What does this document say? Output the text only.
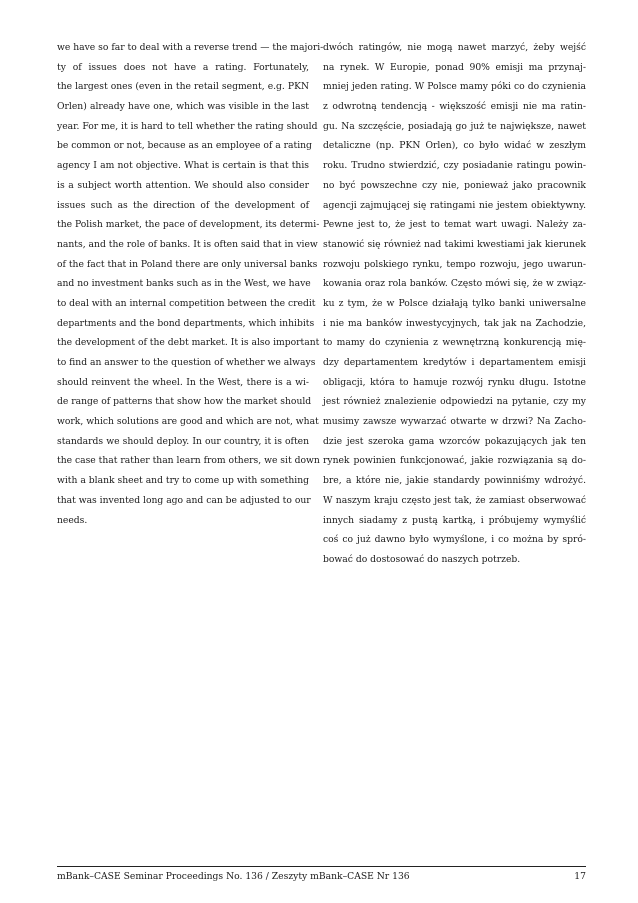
we have so far to deal with a reverse trend — the majori-
ty of issues does not have a rating. Fortunately,
the largest ones (even in the retail segment, e.g. PKN
Orlen) already have one, which was visible in the last
year. For me, it is hard to tell whether the rating should
be common or not, because as an employee of a rating
agency I am not objective. What is certain is that this
is a subject worth attention. We should also consider
issues such as the direction of the development of
the Polish market, the pace of development, its determi-
nants, and the role of banks. It is often said that in view
of the fact that in Poland there are only universal banks
and no investment banks such as in the West, we have
to deal with an internal competition between the credit
departments and the bond departments, which inhibits
the development of the debt market. It is also important
to find an answer to the question of whether we always
should reinvent the wheel. In the West, there is a wi-
de range of patterns that show how the market should
work, which solutions are good and which are not, what
standards we should deploy. In our country, it is often
the case that rather than learn from others, we sit down
with a blank sheet and try to come up with something
that was invented long ago and can be adjusted to our
needs.
dwóch ratingów, nie mogą nawet marzyć, żeby wejść
na rynek. W Europie, ponad 90% emisji ma przynaj-
mniej jeden rating. W Polsce mamy póki co do czynienia
z odwrotną tendencją - większość emisji nie ma ratin-
gu. Na szczęście, posiadają go już te największe, nawet
detaliczne (np. PKN Orlen), co było widać w zeszłym
roku. Trudno stwierdzić, czy posiadanie ratingu powin-
no być powszechne czy nie, ponieważ jako pracownik
agencji zajmującej się ratingami nie jestem obiektywny.
Pewne jest to, że jest to temat wart uwagi. Należy za-
stanowić się również nad takimi kwestiami jak kierunek
rozwoju polskiego rynku, tempo rozwoju, jego uwarun-
kowania oraz rola banków. Często mówi się, że w związ-
ku z tym, że w Polsce działają tylko banki uniwersalne
i nie ma banków inwestycyjnych, tak jak na Zachodzie,
to mamy do czynienia z wewnętrzną konkurencją mię-
dzy departamentem kredytów i departamentem emisji
obligacji, która to hamuje rozwój rynku długu. Istotne
jest również znalezienie odpowiedzi na pytanie, czy my
musimy zawsze wywarzać otwarte w drzwi? Na Zacho-
dzie jest szeroka gama wzorców pokazujących jak ten
rynek powinien funkcjonować, jakie rozwiązania są do-
bre, a które nie, jakie standardy powinniśmy wdrożyć.
W naszym kraju często jest tak, że zamiast obserwować
innych siadamy z pustą kartką, i próbujemy wymyślić
coś co już dawno było wymyślone, i co można by spró-
bować do dostosować do naszych potrzeb.
mBank–CASE Seminar Proceedings No. 136 / Zeszyty mBank–CASE Nr 136	17
